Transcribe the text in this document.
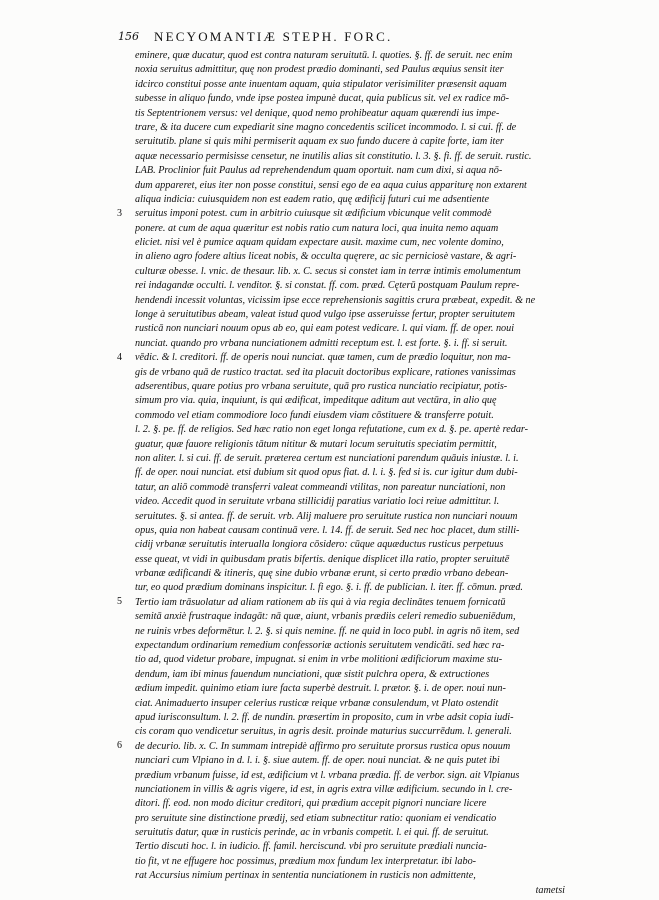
156 NECYOMANTIÆ STEPH. FORC.
3
4
5
6
eminere, quæ ducatur, quod est contra naturam seruitutū. l. quoties. §. ff. de seruit. nec enim
noxia seruitus admittitur, quę non prodest prædio dominanti, sed Paulus æquius sensit iter
idcirco constitui posse ante inuentam aquam, quia stipulator verisimiliter præsensit aquam
subesse in aliquo fundo, vnde ipse postea impunè ducat, quia publicus sit. vel ex radice mō-
tis Septentrionem versus: vel denique, quod nemo prohibeatur aquam quærendi ius impe-
trare, & ita ducere cum expediarit sine magno concedentis scilicet incommodo. l. si cui. ff. de
seruitutib. plane si quis mihi permiserit aquam ex suo fundo ducere à capite forte, iam iter
aquæ necessario permisisse censetur, ne inutilis alias sit constitutio. l. 3. §. fi. ff. de seruit. rustic.
LAB. Proclinior fuit Paulus ad reprehendendum quam oportuit. nam cum dixi, si aqua nō-
dum appareret, eius iter non posse constitui, sensi ego de ea aqua cuius appariturę non extarent
aliqua indicia: cuiusquidem non est eadem ratio, quę ædificij futuri cui me adsentiente
seruitus imponi potest. cum in arbitrio cuiusque sit ædificium vbicunque velit commodè
ponere. at cum de aqua quæritur est nobis ratio cum natura loci, qua inuita nemo aquam
eliciet. nisi vel è pumice aquam quidam expectare ausit. maxime cum, nec volente domino,
in alieno agro fodere altius liceat nobis, & occulta quęrere, ac sic perniciosè vastare, & agri-
culturæ obesse. l. vnic. de thesaur. lib. x. C. secus si constet iam in terræ intimis emolumentum
rei indagandæ occulti. l. venditor. §. si constat. ff. com. præd. Cęterū postquam Paulum repre-
hendendi incessit voluntas, vicissim ipse ecce reprehensionis sagittis crura præbeat, expedit. & ne
longe à seruitutibus abeam, valeat istud quod vulgo ipse asseruisse fertur, propter seruitutem
rusticā non nunciari nouum opus ab eo, qui eam potest vedicare. l. qui viam. ff. de oper. noui
nunciat. quando pro vrbana nunciationem admitti receptum est. l. est forte. §. i. ff. si seruit.
vēdic. & l. creditori. ff. de operis noui nunciat. quæ tamen, cum de prædio loquitur, non ma-
gis de vrbano quā de rustico tractat. sed ita placuit doctoribus explicare, rationes vanissimas
adserentibus, quare potius pro vrbana seruitute, quā pro rustica nunciatio recipiatur, potis-
simum pro via. quia, inquiunt, is qui ædificat, impeditque aditum aut vectūra, in alio quę
commodo vel etiam commodiore loco fundi eiusdem viam cōstituere & transferre potuit.
l. 2. §. pe. ff. de religios. Sed hæc ratio non eget longa refutatione, cum ex d. §. pe. apertè redar-
guatur, quæ fauore religionis tātum nititur & mutari locum seruitutis speciatim permittit,
non aliter. l. si cui. ff. de seruit. præterea certum est nunciationi parendum quāuis iniustæ. l. i.
ff. de oper. noui nunciat. etsi dubium sit quod opus fiat. d. l. i. §. fed si is. cur igitur dum dubi-
tatur, an aliō commodè transferri valeat commeandi vtilitas, non pareatur nunciationi, non
video. Accedit quod in seruitute vrbana stillicidij paratius variatio loci reiue admittitur. l.
seruitutes. §. si antea. ff. de seruit. vrb. Alij maluere pro seruitute rustica non nunciari nouum
opus, quia non habeat causam continuā vere. l. 14. ff. de seruit. Sed nec hoc placet, dum stilli-
cidij vrbanæ seruitutis interualla longiora cōsidero: cūque aquæductus rusticus perpetuus
esse queat, vt vidi in quibusdam pratis bifertis. denique displicet illa ratio, propter seruitutē
vrbanæ ædificandi & itineris, quę sine dubio vrbanæ erunt, si certo prædio vrbano debean-
tur, eo quod prædium dominans inspicitur. l. fi ego. §. i. ff. de publician. l. iter. ff. cōmun. præd.
Tertio iam trāsuolatur ad aliam rationem ab iis qui à via regia declinātes tenuem fornicatū
semitā anxiè frustraque indagāt: nā quæ, aiunt, vrbanis prædiis celeri remedio subueniēdum,
ne ruinis vrbes deformētur. l. 2. §. si quis nemine. ff. ne quid in loco publ. in agris nō item, sed
expectandum ordinarium remedium confessoriæ actionis seruitutem vendicāti. sed hæc ra-
tio ad, quod videtur probare, impugnat. si enim in vrbe molitioni ædificiorum maxime stu-
dendum, iam ibi minus fauendum nunciationi, quæ sistit pulchra opera, & extructiones
ædium impedit. quinimo etiam iure facta superbè destruit. l. prætor. §. i. de oper. noui nun-
ciat. Animaduerto insuper celerius rusticæ reique vrbanæ consulendum, vt Plato ostendit
apud iurisconsultum. l. 2. ff. de nundin. præsertim in proposito, cum in vrbe adsit copia iudi-
cis coram quo vendicetur seruitus, in agris desit. proinde maturius succurrēdum. l. generali.
de decurio. lib. x. C. In summam intrepidè affirmo pro seruitute prorsus rustica opus nouum
nunciari cum Vlpiano in d. l. i. §. siue autem. ff. de oper. noui nunciat. & ne quis putet ibi
prædium vrbanum fuisse, id est, ædificium vt l. vrbana prædia. ff. de verbor. sign. ait Vlpianus
nunciationem in villis & agris vigere, id est, in agris extra villæ ædificium. secundo in l. cre-
ditori. ff. eod. non modo dicitur creditori, qui prædium accepit pignori nunciare licere
pro seruitute sine distinctione prædij, sed etiam subnectitur ratio: quoniam ei vendicatio
seruitutis datur, quæ in rusticis perinde, ac in vrbanis competit. l. ei qui. ff. de seruitut.
Tertio discuti hoc. l. in iudicio. ff. famil. herciscund. vbi pro seruitute prædiali nuncia-
tio fit, vt ne effugere hoc possimus, prædium mox fundum lex interpretatur. ibi labo-
rat Accursius nimium pertinax in sententia nunciationem in rusticis non admittente,
tametsi
